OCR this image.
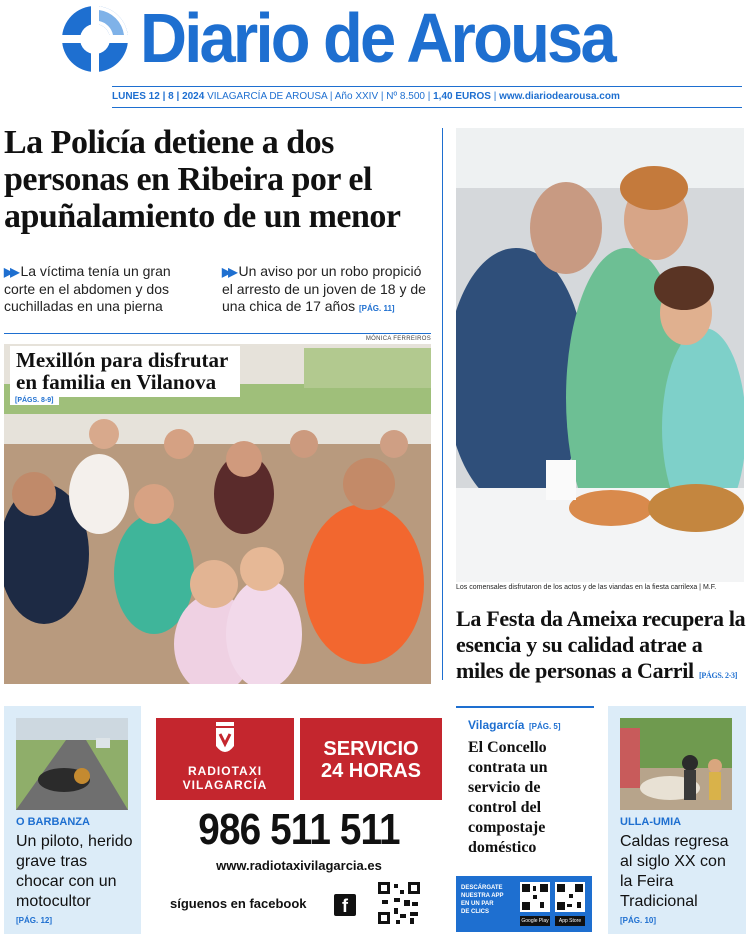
Diario de Arousa
LUNES 12 | 8 | 2024 VILAGARCÍA DE AROUSA | Año XXIV | Nº 8.500 | 1,40 EUROS | www.diariodearousa.com
La Policía detiene a dos personas en Ribeira por el apuñalamiento de un menor
▶▶ La víctima tenía un gran corte en el abdomen y dos cuchilladas en una pierna
▶▶ Un aviso por un robo propició el arresto de un joven de 18 y de una chica de 17 años [PÁG. 11]
MÓNICA FERREIROS
Mexillón para disfrutar en familia en Vilanova
[PÁGS. 8-9]
Los comensales disfrutaron de los actos y de las viandas en la fiesta carrilexa | M.F.
La Festa da Ameixa recupera la esencia y su calidad atrae a miles de personas a Carril [PÁGS. 2-3]
O BARBANZA
Un piloto, herido grave tras chocar con un motocultor
[PÁG. 12]
RADIOTAXI
VILAGARCÍA
SERVICIO
24 HORAS
986 511 511
www.radiotaxivilagarcia.es
síguenos en facebook	f
Vilagarcía [PÁG. 5]
El Concello contrata un servicio de control del compostaje doméstico
DESCÁRGATE
NUESTRA APP
EN UN PAR
DE CLICS
Google Play	App Store
ULLA-UMIA
Caldas regresa al siglo XX con la Feira Tradicional
[PÁG. 10]
